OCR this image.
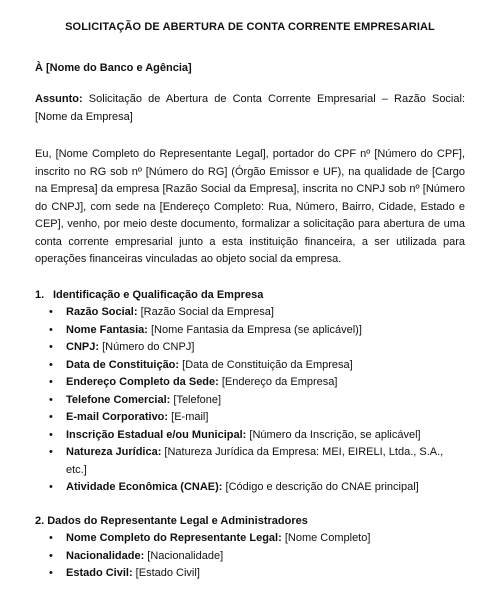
SOLICITAÇÃO DE ABERTURA DE CONTA CORRENTE EMPRESARIAL

À [Nome do Banco e Agência]

Assunto: Solicitação de Abertura de Conta Corrente Empresarial – Razão Social: [Nome da Empresa]

Eu, [Nome Completo do Representante Legal], portador do CPF nº [Número do CPF], inscrito no RG sob nº [Número do RG] (Órgão Emissor e UF), na qualidade de [Cargo na Empresa] da empresa [Razão Social da Empresa], inscrita no CNPJ sob nº [Número do CNPJ], com sede na [Endereço Completo: Rua, Número, Bairro, Cidade, Estado e CEP], venho, por meio deste documento, formalizar a solicitação para abertura de uma conta corrente empresarial junto a esta instituição financeira, a ser utilizada para operações financeiras vinculadas ao objeto social da empresa.

1. Identificação e Qualificação da Empresa

• Razão Social: [Razão Social da Empresa]
• Nome Fantasia: [Nome Fantasia da Empresa (se aplicável)]
• CNPJ: [Número do CNPJ]
• Data de Constituição: [Data de Constituição da Empresa]
• Endereço Completo da Sede: [Endereço da Empresa]
• Telefone Comercial: [Telefone]
• E-mail Corporativo: [E-mail]
• Inscrição Estadual e/ou Municipal: [Número da Inscrição, se aplicável]
• Natureza Jurídica: [Natureza Jurídica da Empresa: MEI, EIRELI, Ltda., S.A., etc.]
• Atividade Econômica (CNAE): [Código e descrição do CNAE principal]

2. Dados do Representante Legal e Administradores

• Nome Completo do Representante Legal: [Nome Completo]
• Nacionalidade: [Nacionalidade]
• Estado Civil: [Estado Civil]
